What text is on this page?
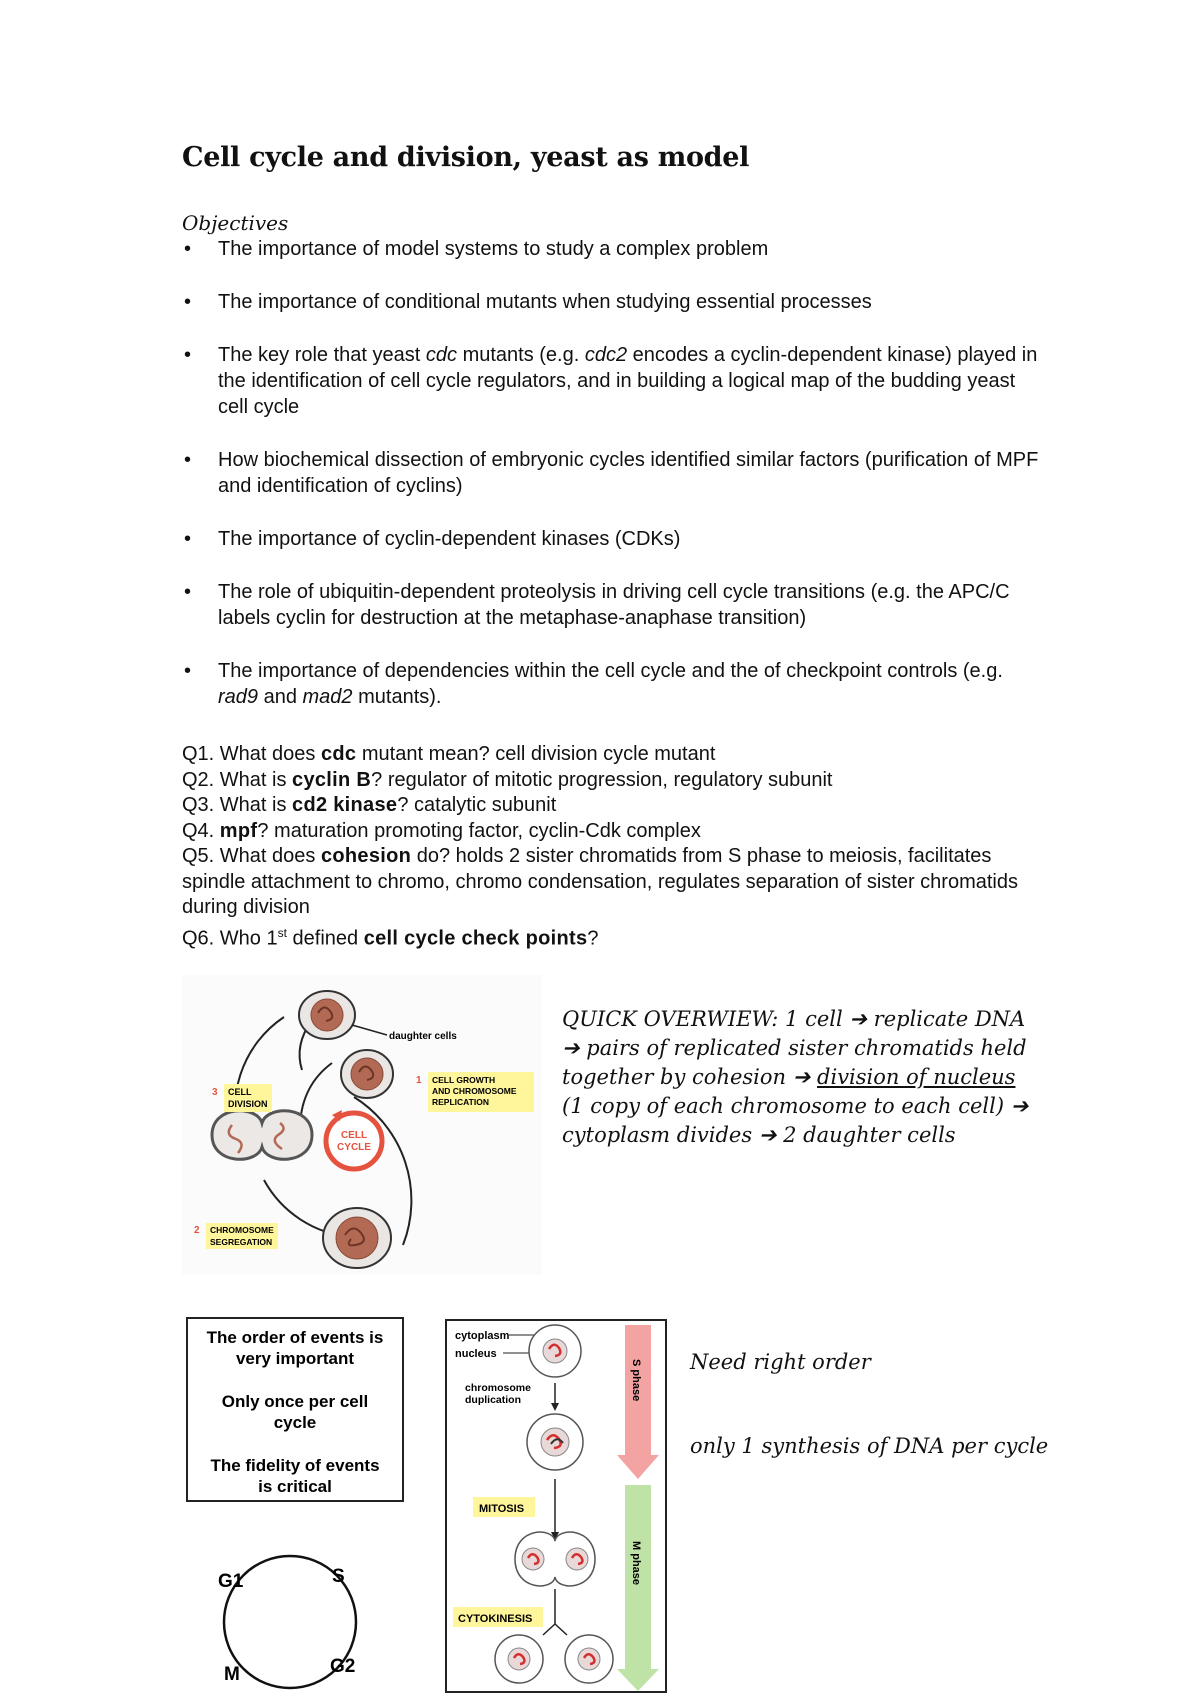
Cell cycle and division, yeast as model
Objectives
• The importance of model systems to study a complex problem
• The importance of conditional mutants when studying essential processes
• The key role that yeast cdc mutants (e.g. cdc2 encodes a cyclin-dependent kinase) played in the identification of cell cycle regulators, and in building a logical map of the budding yeast cell cycle
• How biochemical dissection of embryonic cycles identified similar factors (purification of MPF and identification of cyclins)
• The importance of cyclin-dependent kinases (CDKs)
• The role of ubiquitin-dependent proteolysis in driving cell cycle transitions (e.g. the APC/C labels cyclin for destruction at the metaphase-anaphase transition)
• The importance of dependencies within the cell cycle and the of checkpoint controls (e.g. rad9 and mad2 mutants).

Q1. What does cdc mutant mean? cell division cycle mutant

Q2. What is cyclin B? regulator of mitotic progression, regulatory subunit

Q3. What is cd2 kinase? catalytic subunit

Q4. mpf? maturation promoting factor, cyclin-Cdk complex

Q5. What does cohesion do? holds 2 sister chromatids from S phase to meiosis, facilitates spindle attachment to chromo, chromo condensation, regulates separation of sister chromatids during division

Q6. Who 1st defined cell cycle check points?

daughter cells
CELL
CYCLE
3 CELL
DIVISION
1 CELL GROWTH
AND CHROMOSOME
REPLICATION
2 CHROMOSOME
SEGREGATION
QUICK OVERWIEW: 1 cell ➔ replicate DNA ➔ pairs of replicated sister chromatids held together by cohesion ➔ division of nucleus (1 copy of each chromosome to each cell) ➔ cytoplasm divides ➔ 2 daughter cells
The order of events is
very important
Only once per cell
cycle
The fidelity of events
is critical
G1	S
G2
M
S phase
M phase
cytoplasm
nucleus
chromosome
duplication
MITOSIS
CYTOKINESIS
Need right order
only 1 synthesis of DNA per cycle
